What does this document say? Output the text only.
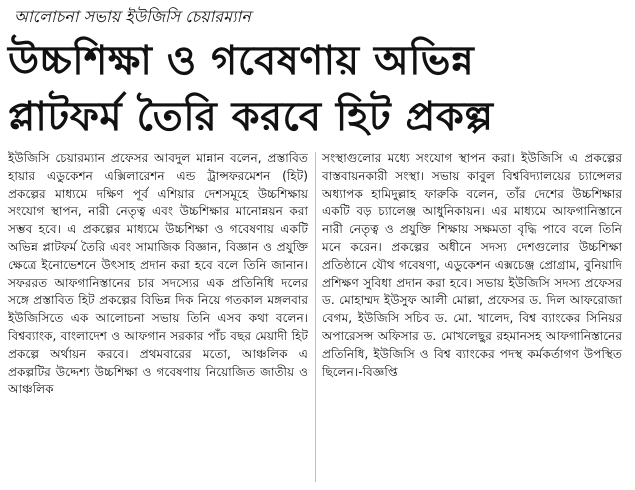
আলোচনা সভায় ইউজিসি চেয়ারম্যান
উচ্চশিক্ষা ও গবেষণায় অভিন্ন
প্লাটফর্ম তৈরি করবে হিট প্রকল্প
ইউজিসি চেয়ারম্যান প্রফেসর আবদুল মান্নান বলেন, প্রস্তাবিত হায়ার এডুকেশন এক্সিলারেশন এন্ড ট্রান্সফরমেশন (হিট) প্রকল্পের মাধ্যমে দক্ষিণ পূর্ব এশিয়ার দেশসমূহে উচ্চশিক্ষায় সংযোগ স্থাপন, নারী নেতৃত্ব এবং উচ্চশিক্ষার মানোন্নয়ন করা সম্ভব হবে। এ প্রকল্পের মাধ্যমে উচ্চশিক্ষা ও গবেষণায় একটি অভিন্ন প্লাটফর্ম তৈরি এবং সামাজিক বিজ্ঞান, বিজ্ঞান ও প্রযুক্তি ক্ষেত্রে ইনোভেশনে উৎসাহ প্রদান করা হবে বলে তিনি জানান। সফররত আফগানিস্তানের চার সদস্যের এক প্রতিনিধি দলের সঙ্গে প্রস্তাবিত হিট প্রকল্পের বিভিন্ন দিক নিয়ে গতকাল মঙ্গলবার ইউজিসিতে এক আলোচনা সভায় তিনি এসব কথা বলেন। বিশ্বব্যাংক, বাংলাদেশ ও আফগান সরকার পাঁচ বছর মেয়াদী হিট প্রকল্পে অর্থায়ন করবে। প্রথমবারের মতো, আঞ্চলিক এ প্রকল্পটির উদ্দেশ্য উচ্চশিক্ষা ও গবেষণায় নিয়োজিত জাতীয় ও আঞ্চলিক
সংস্থাগুলোর মধ্যে সংযোগ স্থাপন করা। ইউজিসি এ প্রকল্পের বাস্তবায়নকারী সংস্থা। সভায় কাবুল বিশ্ববিদ্যালয়ের চ্যান্সেলর অধ্যাপক হামিদুল্লাহ ফারুকি বলেন, তাঁর দেশের উচ্চশিক্ষার একটি বড় চ্যালেঞ্জ আধুনিকায়ন। এর মাধ্যমে আফগানিস্তানে নারী নেতৃত্ব ও প্রযুক্তি শিক্ষায় সক্ষমতা বৃদ্ধি পাবে বলে তিনি মনে করেন। প্রকল্পের অধীনে সদস্য দেশগুলোর উচ্চশিক্ষা প্রতিষ্ঠানে যৌথ গবেষণা, এডুকেশন এক্সচেঞ্জ প্রোগ্রাম, বুনিয়াদি প্রশিক্ষণ সুবিধা প্রদান করা হবে। সভায় ইউজিসি সদস্য প্রফেসর ড. মোহাম্মদ ইউসুফ আলী মোল্লা, প্রফেসর ড. দিল আফরোজা বেগম, ইউজিসি সচিব ড. মো. খালেদ, বিশ্ব ব্যাংকের সিনিয়র অপারেসন্স অফিসার ড. মোখলেছুর রহমানসহ আফগানিস্তানের প্রতিনিধি, ইউজিসি ও বিশ্ব ব্যাংকের পদস্থ কর্মকর্তাগণ উপস্থিত ছিলেন।-বিজ্ঞপ্তি
